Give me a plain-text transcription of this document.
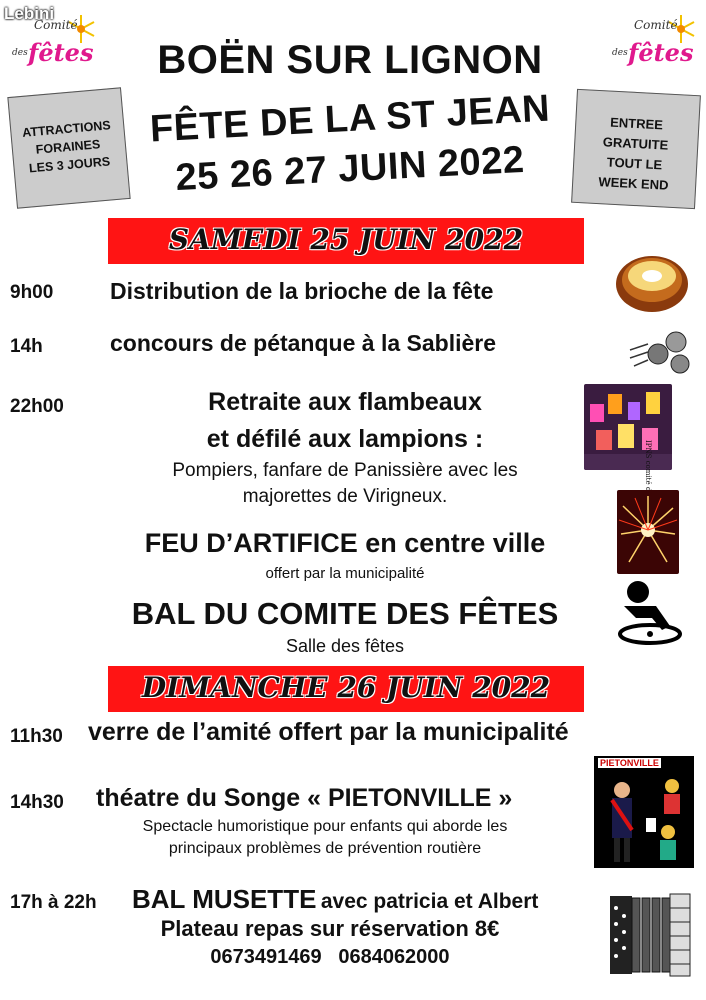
Lebini
Comité
des fêtes
Comité
des fêtes
BOËN SUR LIGNON
FÊTE DE LA ST JEAN
25 26 27 JUIN 2022
ATTRACTIONS
FORAINES
LES 3 JOURS
ENTREE
GRATUITE
TOUT LE
WEEK END
SAMEDI 25 JUIN 2022
9h00 Distribution de la brioche de la fête
14h	concours de pétanque à la Sablière
22h00	Retraite aux flambeaux
et défilé aux lampions :
Pompiers, fanfare de Panissière avec les
majorettes de Virigneux.
FEU D’ARTIFICE en centre ville
offert par la municipalité
BAL DU COMITE DES FÊTES
Salle des fêtes
DIMANCHE 26 JUIN 2022
11h30 verre de l’amité offert par la municipalité
14h30 théatre du Songe « PIETONVILLE »
Spectacle humoristique pour enfants qui aborde les
principaux problèmes de prévention routière
PIETONVILLE
17h à 22h BAL MUSETTE avec patricia et Albert
Plateau repas sur réservation 8€
0673491469   0684062000
